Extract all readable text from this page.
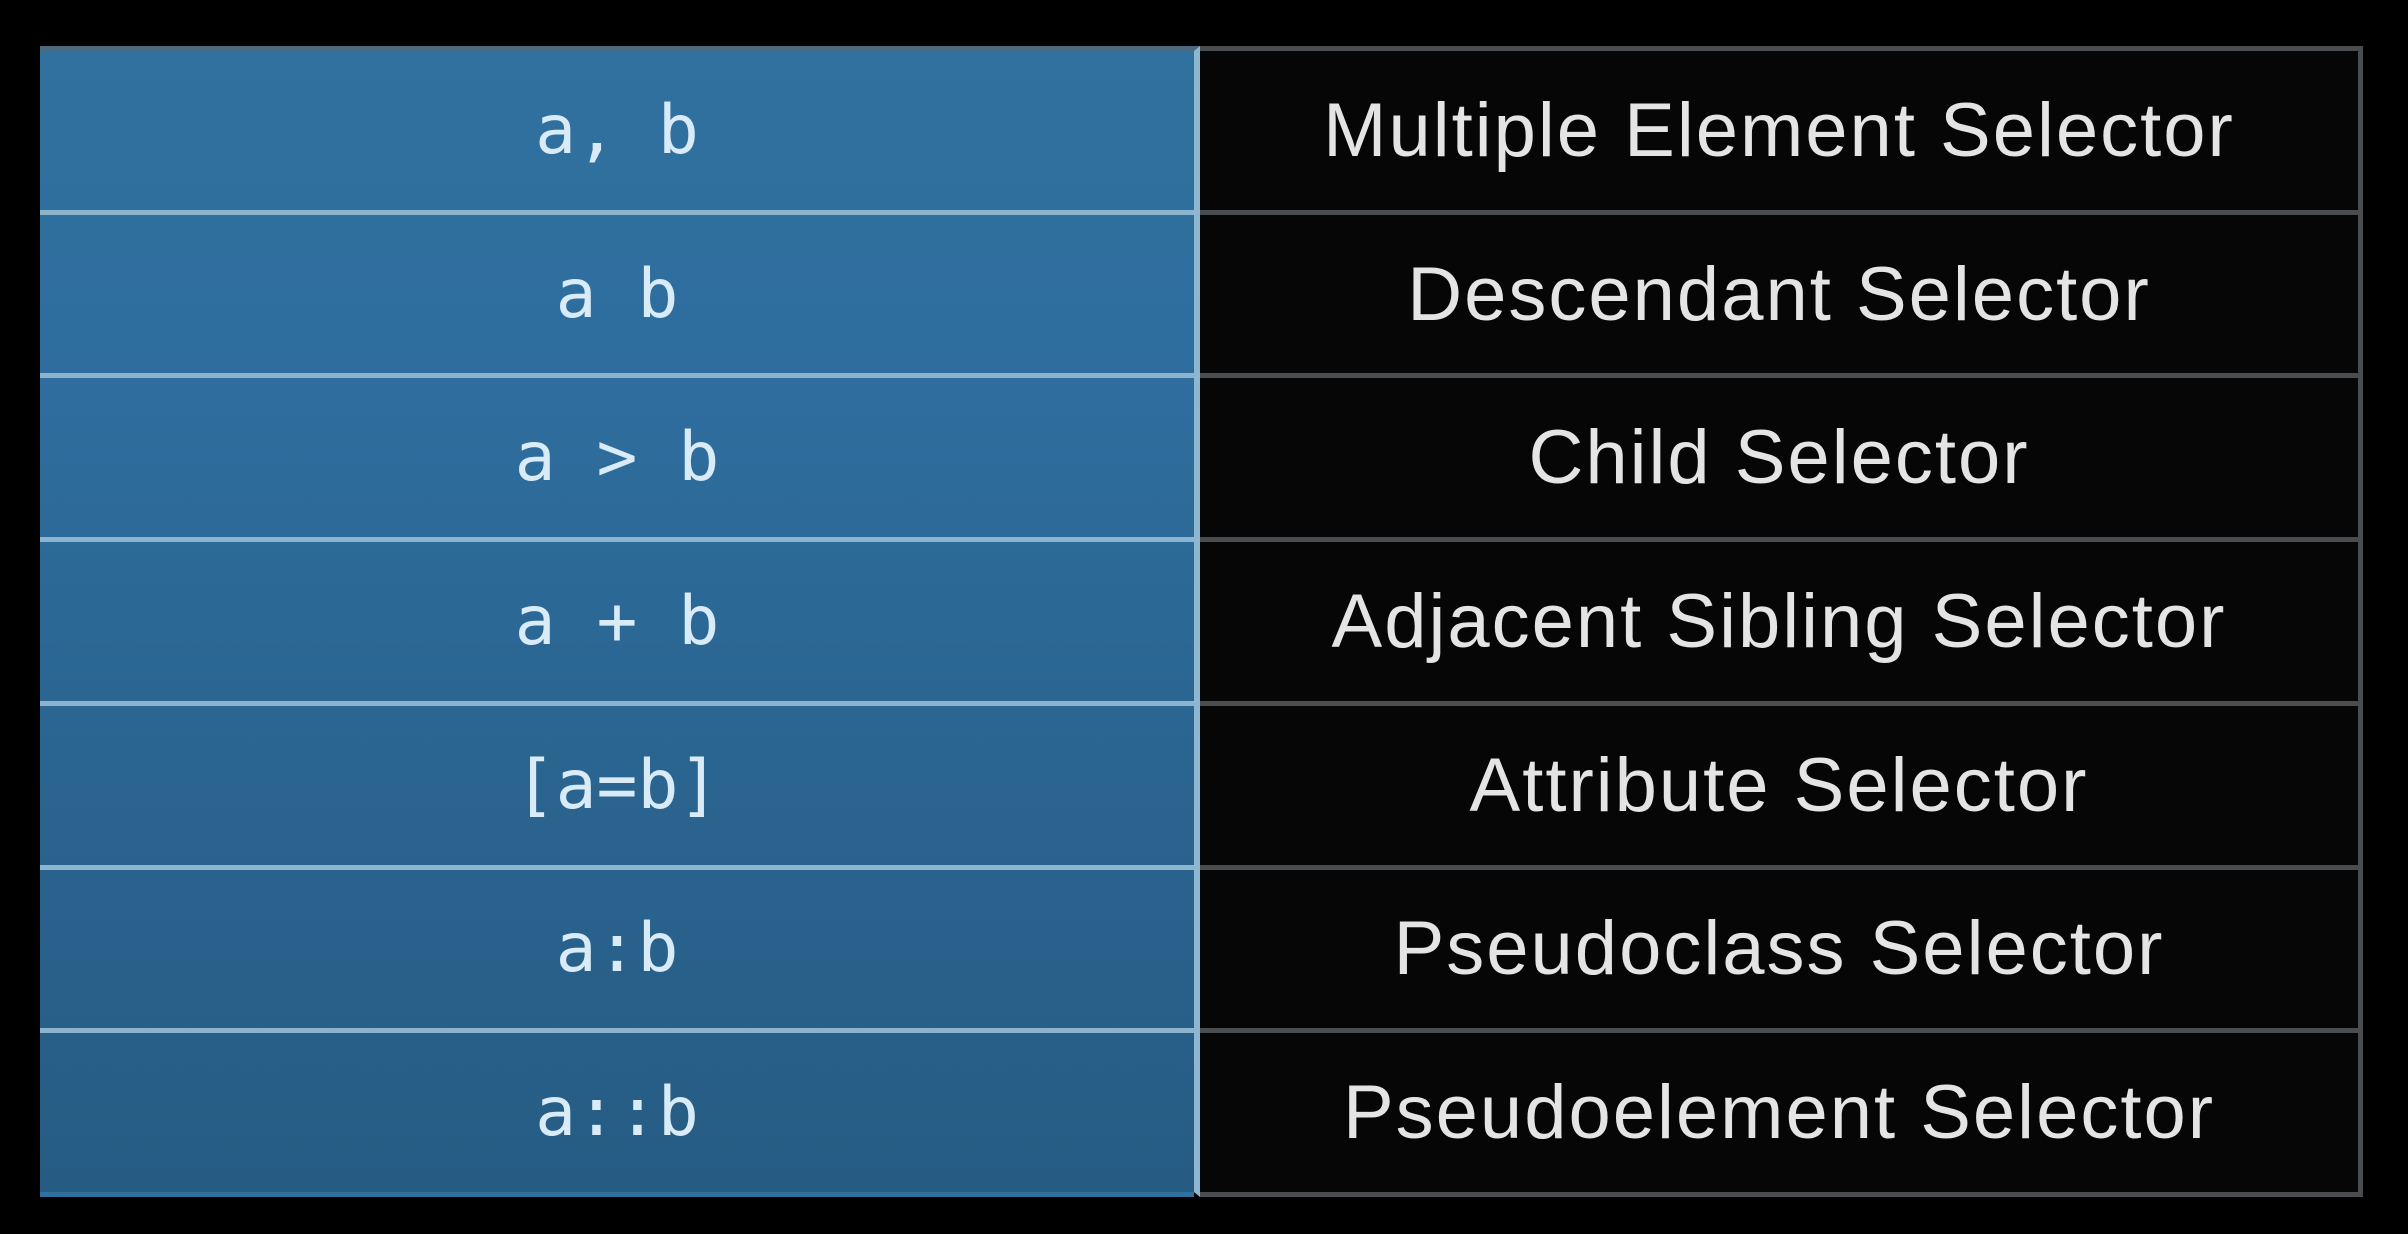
a, b
a b
a > b
a + b
[a=b]
a:b
a::b
Multiple Element Selector
Descendant Selector
Child Selector
Adjacent Sibling Selector
Attribute Selector
Pseudoclass Selector
Pseudoelement Selector
